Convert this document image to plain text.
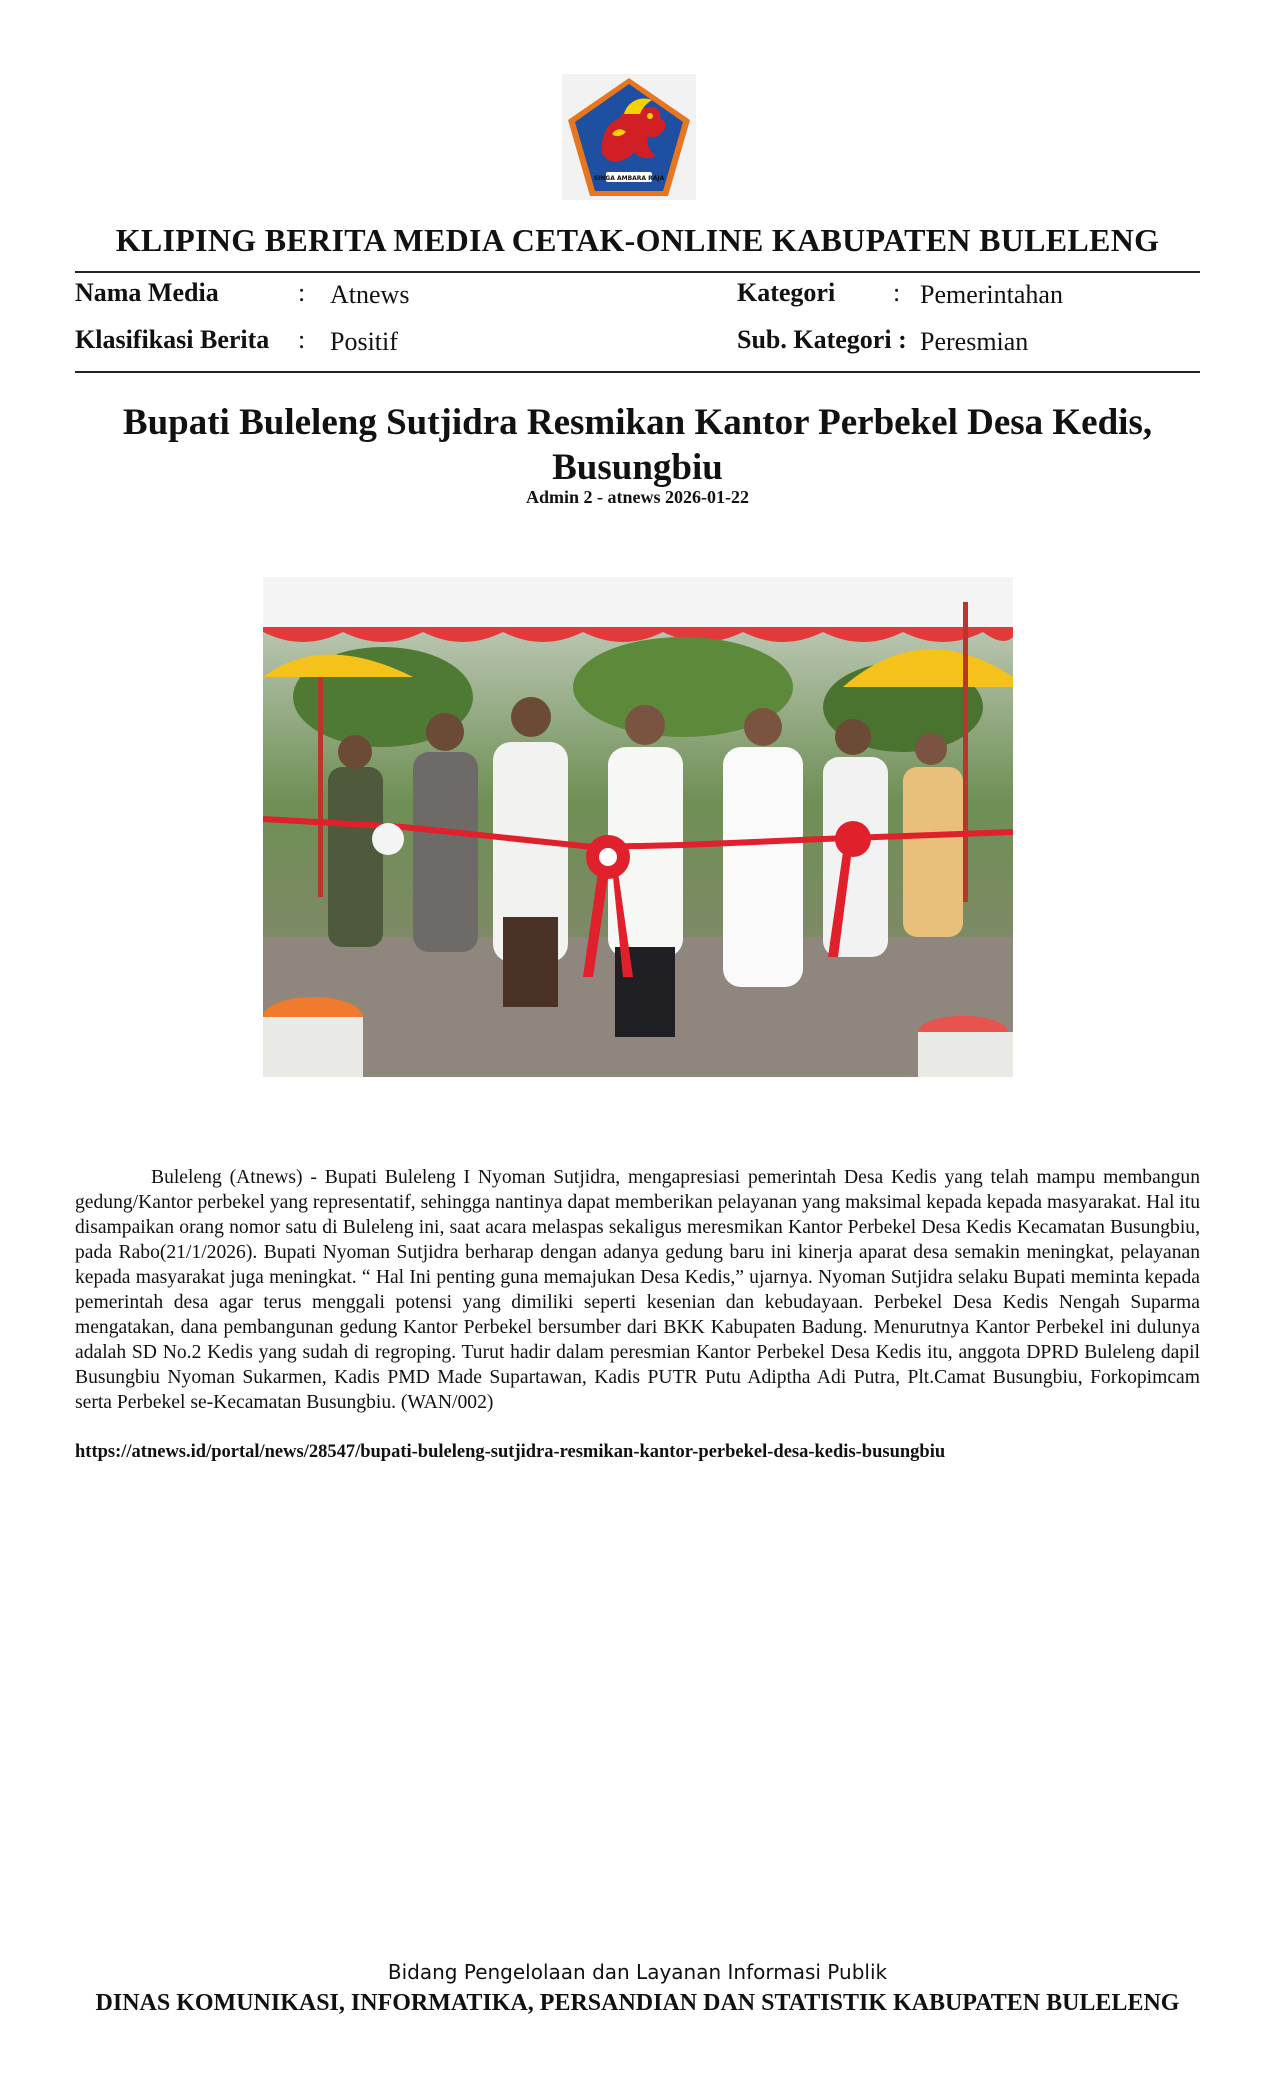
SINGA AMBARA RAJA
KLIPING BERITA MEDIA CETAK-ONLINE KABUPATEN BULELENG
Nama Media	: Atnews	Kategori : Pemerintahan
Klasifikasi Berita : Positif	Sub. Kategori : Peresmian
Bupati Buleleng Sutjidra Resmikan Kantor Perbekel Desa Kedis, Busungbiu
Admin 2 - atnews 2026-01-22

Buleleng (Atnews) - Bupati Buleleng I Nyoman Sutjidra, mengapresiasi pemerintah Desa Kedis yang telah mampu membangun gedung/Kantor perbekel yang representatif, sehingga nantinya dapat memberikan pelayanan yang maksimal kepada kepada masyarakat. Hal itu disampaikan orang nomor satu di Buleleng ini, saat acara melaspas sekaligus meresmikan Kantor Perbekel Desa Kedis Kecamatan Busungbiu, pada Rabo(21/1/2026). Bupati Nyoman Sutjidra berharap dengan adanya gedung baru ini kinerja aparat desa semakin meningkat, pelayanan kepada masyarakat juga meningkat. “ Hal Ini penting guna memajukan Desa Kedis,” ujarnya. Nyoman Sutjidra selaku Bupati meminta kepada pemerintah desa agar terus menggali potensi yang dimiliki seperti kesenian dan kebudayaan. Perbekel Desa Kedis Nengah Suparma mengatakan, dana pembangunan gedung Kantor Perbekel bersumber dari BKK Kabupaten Badung. Menurutnya Kantor Perbekel ini dulunya adalah SD No.2 Kedis yang sudah di regroping. Turut hadir dalam peresmian Kantor Perbekel Desa Kedis itu, anggota DPRD Buleleng dapil Busungbiu Nyoman Sukarmen, Kadis PMD Made Supartawan, Kadis PUTR Putu Adiptha Adi Putra, Plt.Camat Busungbiu, Forkopimcam serta Perbekel se-Kecamatan Busungbiu. (WAN/002)

https://atnews.id/portal/news/28547/bupati-buleleng-sutjidra-resmikan-kantor-perbekel-desa-kedis-busungbiu
Bidang Pengelolaan dan Layanan Informasi Publik
DINAS KOMUNIKASI, INFORMATIKA, PERSANDIAN DAN STATISTIK KABUPATEN BULELENG
